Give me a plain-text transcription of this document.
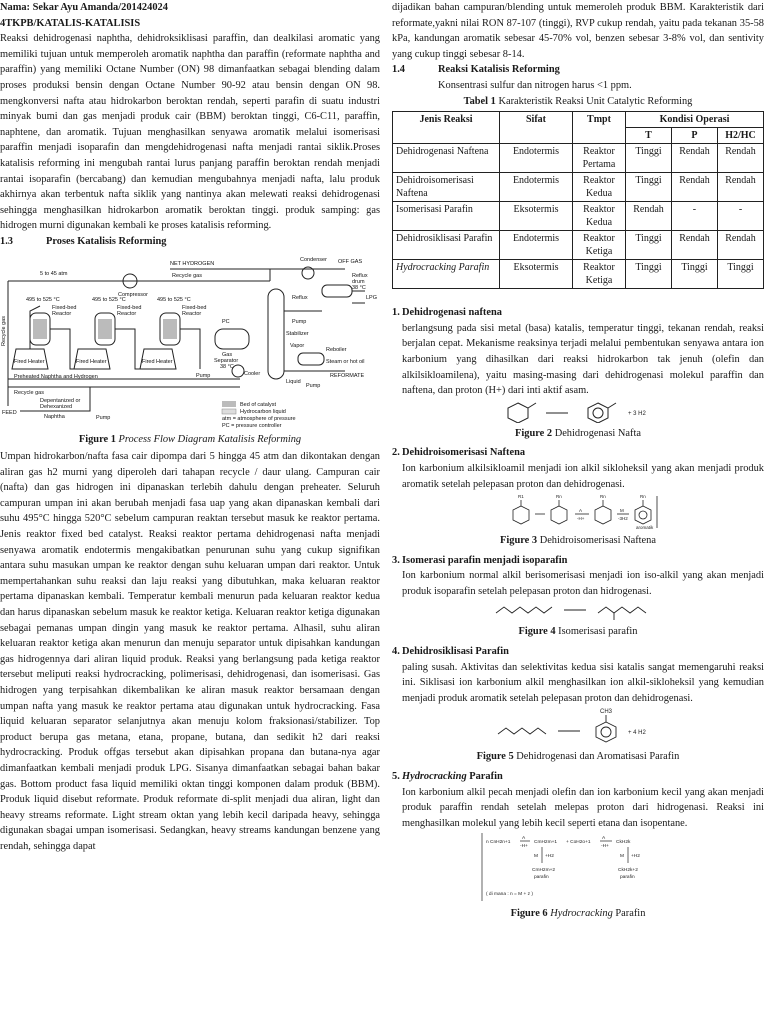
Nama: Sekar Ayu Amanda/201424024
4TKPB/KATALIS-KATALISIS

Reaksi dehidrogenasi naphtha, dehidroksiklisasi paraffin, dan dealkilasi aromatic yang memiliki tujuan untuk memperoleh aromatik naphtha dan paraffin (reformate naphtha and paraffin) yang memiliki Octane Number (ON) 98 dimanfaatkan sebagai blending dalam proses produksi bensin dengan Octane Number 90-92 atau bensin dengan ON 98. mengkonversi nafta atau hidrokarbon beroktan rendah, seperti parafin di suatu industri minyak bumi dan gas menjadi produk cair (BBM) beroktan tinggi, C6-C11, paraffin, naphtene, dan aromatik. Tujuan menghasilkan senyawa aromatik melalui isomerisasi paraffin menjadi isoparafin dan mengdehidrogenasi nafta menjadi rantai siklik.Proses katalisis reforming ini mengubah rantai lurus panjang paraffin beroktan rendah menjadi rantai isoparafin (bercabang) dan kemudian mengubahnya menjadi nafta, lalu produk akhirnya akan terbentuk nafta siklik yang nantinya akan melewati reaksi dehidrogenasi sehingga menghasilkan hidrokarbon aromatik beroktan tinggi. produk samping: gas hidrogen murni digunakan kembali ke proses katalisis reforming.

1.3	Proses Katalisis Reforming
NET HYDROGEN	OFF GAS
Recycle gas
5 to 45 atm
Compressor
495 to 525 °C	495 to 525 °C	495 to 525 °C
Fixed-bed
Reactor
Fixed-bed
Reactor
Fixed-bed
Reactor
Fired Heater	Fired Heater	Fired Heater
Gas
Separator
38 °C
PC
Cooler
Condenser
Reflux
drum
38 °C
LPG
Reflux
Pump
Stabilizer
Vapor
Reboiler
Steam or hot oil
Liquid
REFORMATE
Pump
Pump
Preheated Naphtha and Hydrogen
Recycle gas
FEED
Depentanized or
Dehexanized
Naphtha	Pump
Bed of catalyst
Hydrocarbon liquid
atm = atmosphere of pressure
PC = pressure controller
Recycle gas
Figure 1 Process Flow Diagram Katalisis Reforming

Umpan hidrokarbon/nafta fasa cair dipompa dari 5 hingga 45 atm dan dikontakan dengan aliran gas h2 murni yang diperoleh dari tahapan recycle / daur ulang. Campuran cair (nafta) dan gas hidrogen ini dipanaskan terlebih dahulu dengan preheater. Seluruh campuran umpan ini akan berubah menjadi fasa uap yang akan dipanaskan kembali dari suhu 495°C hingga 520°C sebelum campuran reaktan tersebut masuk ke reaktor pertama. Jenis reaktor fixed bed catalyst. Reaksi reaktor pertama dehidrogenasi nafta menjadi senyawa aromatik endotermis mengakibatkan penurunan suhu yang cukup signifikan antara suhu masukan umpan ke reaktor dengan suhu keluaran umpan dari reaktor. Untuk mempertahankan suhu reaksi dan laju reaksi yang dibutuhkan, maka keluaran reaktor pertama dipanaskan kembali. Temperatur kembali menurun pada keluaran reaktor kedua dan harus dipanaskan sebelum masuk ke reaktor ketiga. Keluaran reaktor ketiga digunakan sebagai pemanas umpan dingin yang masuk ke reaktor pertama. Alhasil, suhu aliran keluaran reaktor ketiga akan menurun dan menuju separator untuk dipisahkan kandungan gas hidrogennya dari aliran liquid produk. Reaksi yang berlangsung pada ketiga reaktor tersebut meliputi reaksi hydrocracking, polimerisasi, dehidrogenasi, dan isomerisasi. Gas hidrogen yang terpisahkan dikembalikan ke aliran masuk reaktor bersamaan dengan umpan nafta yang masuk ke reaktor pertama atau digunakan untuk hydrocracking. Fasa liquid keluaran separator selanjutnya akan menuju kolom fraksionasi/stabilizer. Top product berupa gas metana, etana, propane, butana, dan sedikit h2 dari reaksi hydrocracking. Produk offgas tersebut akan dipisahkan propana dan butana-nya agar dimanfaatkan kembali menjadi produk LPG. Sisanya dimanfaatkan sebagai bahan bakar gas. Bottom product fasa liquid memiliki oktan tinggi komponen dalam produk (BBM). Produk liquid disebut reformate. Produk reformate di-split menjadi dua aliran, light dan heavy streams reformate. Light stream oktan yang lebih kecil daripada heavy, sehingga digunakan sbagai umpan isomerisasi. Sedangkan, heavy streams kandungan benzene yang rendah, sehingga dapat

dijadikan bahan campuran/blending untuk memeroleh produk BBM. Karakteristik dari reformate,yakni nilai RON 87-107 (tinggi), RVP cukup rendah, yaitu pada tekanan 35-58 kPa, kandungan aromatik sebesar 45-70% vol, benzen sebesar 3-8% vol, dan sentivity yang cukup tinggi sebesar 8-14.

1.4	Reaksi Katalisis Reforming

Konsentrasi sulfur dan nitrogen harus <1 ppm.

Tabel 1 Karakteristik Reaksi Unit Catalytic Reforming
Jenis Reaksi	Sifat	Tmpt	Kondisi Operasi		
			T	P	H2/HC
Dehidrogenasi Naftena	Endotermis	Reaktor Pertama	Tinggi	Rendah	Rendah
Dehidroisomerisasi Naftena	Endotermis	Reaktor Kedua	Tinggi	Rendah	Rendah
Isomerisasi Parafin	Eksotermis	Reaktor Kedua	Rendah	-	-
Dehidrosiklisasi Parafin	Endotermis	Reaktor Ketiga	Tinggi	Rendah	Rendah
Hydrocracking Parafin	Eksotermis	Reaktor Ketiga	Tinggi	Tinggi	Tinggi
1. Dehidrogenasi naftena

berlangsung pada sisi metal (basa) katalis, temperatur tinggi, tekanan rendah, reaksi berjalan cepat. Mekanisme reaksinya terjadi melalui pembentukan senyawa antara ion karbonium yang dihasilkan dari reaksi hidrokarbon tak jenuh (olefin dan alkilsikloamilena), yaitu masing-masing dari dehidrogenasi molekul paraffin dan naftena, dan proton (H+) dari inti aktif asam.

+ 3 H2
Figure 2 Dehidrogenasi Nafta
2. Dehidroisomerisasi Naftena

Ion karbonium alkilsikloamil menjadi ion alkil sikloheksil yang akan menjadi produk aromatik setelah pelepasan proton dan dehidrogenasi.

R1	Rn	Rn	Rn
A
-H+
M
-3H2
aromatik
Figure 3 Dehidroisomerisasi Naftena
3. Isomerasi parafin menjadi isoparafin

Ion karbonium normal alkil berisomerisasi menjadi ion iso-alkil yang akan menjadi produk isoparafin setelah pelepasan proton dan hidrogenasi.

Figure 4 Isomerisasi parafin
4. Dehidrosiklisasi Parafin

paling susah. Aktivitas dan selektivitas kedua sisi katalis sangat memengaruhi reaksi ini. Siklisasi ion karbonium alkil menghasilkan ion alkil-sikloheksil yang kemudian menjadi produk aromatik setelah pelepasan proton dan dehidrogenasi.

CH3
+ 4 H2
Figure 5 Dehidrogenasi dan Aromatisasi Parafin
5. Hydrocracking Parafin

Ion karbonium alkil pecah menjadi olefin dan ion karbonium kecil yang akan menjadi produk paraffin rendah setelah melepas proton dari hidrogenasi. Reaksi ini menghasilkan molekul yang lebih kecil seperti etana dan isopentane.

n CnH2n+1
A
-H+
CmH2m+1 + CoH2o+1
A
-H+
CkH2k
M +H2	M +H2
CmH2m+2
parafin
CkH2k+2
parafin
( di mana : n = M + z )
Figure 6 Hydrocracking Parafin
